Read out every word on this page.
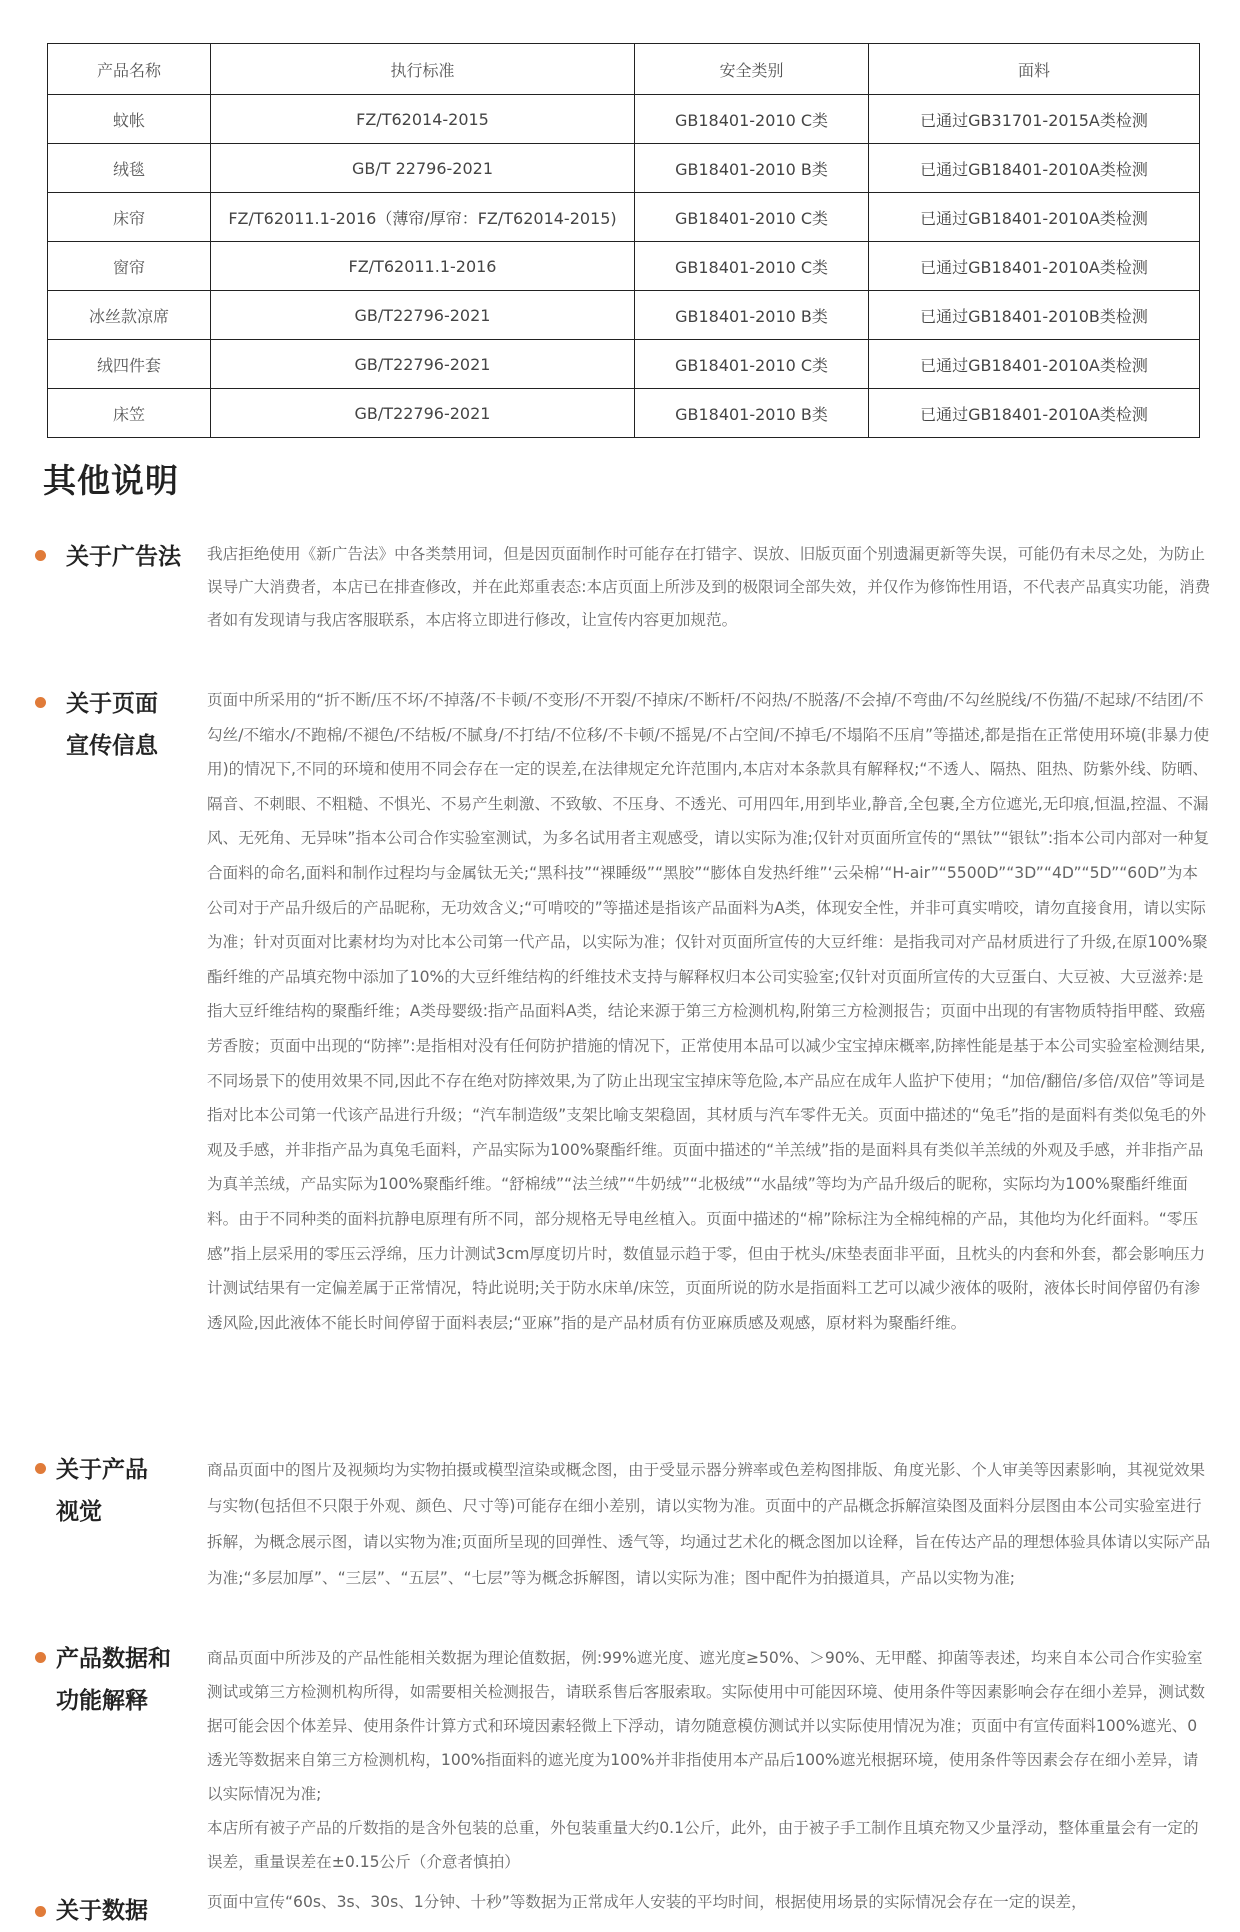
产品名称	执行标准	安全类别	面料
蚊帐	FZ/T62014-2015	GB18401-2010 C类	已通过GB31701-2015A类检测
绒毯	GB/T 22796-2021	GB18401-2010 B类	已通过GB18401-2010A类检测
床帘	FZ/T62011.1-2016（薄帘/厚帘：FZ/T62014-2015)	GB18401-2010 C类	已通过GB18401-2010A类检测
窗帘	FZ/T62011.1-2016	GB18401-2010 C类	已通过GB18401-2010A类检测
冰丝款凉席	GB/T22796-2021	GB18401-2010 B类	已通过GB18401-2010B类检测
绒四件套	GB/T22796-2021	GB18401-2010 C类	已通过GB18401-2010A类检测
床笠	GB/T22796-2021	GB18401-2010 B类	已通过GB18401-2010A类检测
其他说明
关于广告法	我店拒绝使用《新广告法》中各类禁用词，但是因页面制作时可能存在打错字、误放、旧版页面个别遗漏更新等失误，可能仍有未尽之处，为防止误导广大消费者，本店已在排查修改，并在此郑重表态:本店页面上所涉及到的极限词全部失效，并仅作为修饰性用语，不代表产品真实功能，消费者如有发现请与我店客服联系，本店将立即进行修改，让宣传内容更加规范。
关于页面宣传信息
页面中所采用的“折不断/压不坏/不掉落/不卡顿/不变形/不开裂/不掉床/不断杆/不闷热/不脱落/不会掉/不弯曲/不勾丝脱线/不伤猫/不起球/不结团/不勾丝/不缩水/不跑棉/不褪色/不结板/不腻身/不打结/不位移/不卡顿/不摇晃/不占空间/不掉毛/不塌陷不压肩”等描述,都是指在正常使用环境(非暴力使用)的情况下,不同的环境和使用不同会存在一定的误差,在法律规定允许范围内,本店对本条款具有解释权;“不透人、隔热、阻热、防紫外线、防晒、隔音、不刺眼、不粗糙、不惧光、不易产生刺激、不致敏、不压身、不透光、可用四年,用到毕业,静音,全包裹,全方位遮光,无印痕,恒温,控温、不漏风、无死角、无异味”指本公司合作实验室测试，为多名试用者主观感受，请以实际为准;仅针对页面所宣传的“黑钛”“银钛”:指本公司内部对一种复合面料的命名,面料和制作过程均与金属钛无关;“黑科技”“裸睡级”“黑胶”“膨体自发热纤维”‘云朵棉’“H-air”“5500D”“3D”“4D”“5D”“60D”为本公司对于产品升级后的产品昵称，无功效含义;“可啃咬的”等描述是指该产品面料为A类，体现安全性，并非可真实啃咬，请勿直接食用，请以实际为准；针对页面对比素材均为对比本公司第一代产品，以实际为准；仅针对页面所宣传的大豆纤维：是指我司对产品材质进行了升级,在原100%聚酯纤维的产品填充物中添加了10%的大豆纤维结构的纤维技术支持与解释权归本公司实验室;仅针对页面所宣传的大豆蛋白、大豆被、大豆滋养:是指大豆纤维结构的聚酯纤维；A类母婴级:指产品面料A类，结论来源于第三方检测机构,附第三方检测报告；页面中出现的有害物质特指甲醛、致癌芳香胺；页面中出现的“防摔”:是指相对没有任何防护措施的情况下，正常使用本品可以减少宝宝掉床概率,防摔性能是基于本公司实验室检测结果,不同场景下的使用效果不同,因此不存在绝对防摔效果,为了防止出现宝宝掉床等危险,本产品应在成年人监护下使用；“加倍/翻倍/多倍/双倍”等词是指对比本公司第一代该产品进行升级；“汽车制造级”支架比喻支架稳固，其材质与汽车零件无关。页面中描述的“兔毛”指的是面料有类似兔毛的外观及手感，并非指产品为真兔毛面料，产品实际为100%聚酯纤维。页面中描述的“羊羔绒”指的是面料具有类似羊羔绒的外观及手感，并非指产品为真羊羔绒，产品实际为100%聚酯纤维。“舒棉绒”“法兰绒”“牛奶绒”“北极绒”“水晶绒”等均为产品升级后的昵称，实际均为100%聚酯纤维面料。由于不同种类的面料抗静电原理有所不同，部分规格无导电丝植入。页面中描述的“棉”除标注为全棉纯棉的产品，其他均为化纤面料。“零压感”指上层采用的零压云浮绵，压力计测试3cm厚度切片时，数值显示趋于零，但由于枕头/床垫表面非平面，且枕头的内套和外套，都会影响压力计测试结果有一定偏差属于正常情况，特此说明;关于防水床单/床笠，页面所说的防水是指面料工艺可以减少液体的吸附，液体长时间停留仍有渗透风险,因此液体不能长时间停留于面料表层;“亚麻”指的是产品材质有仿亚麻质感及观感，原材料为聚酯纤维。
关于产品视觉
商品页面中的图片及视频均为实物拍摄或模型渲染或概念图，由于受显示器分辨率或色差构图排版、角度光影、个人审美等因素影响，其视觉效果与实物(包括但不只限于外观、颜色、尺寸等)可能存在细小差别，请以实物为准。页面中的产品概念拆解渲染图及面料分层图由本公司实验室进行拆解，为概念展示图，请以实物为准;页面所呈现的回弹性、透气等，均通过艺术化的概念图加以诠释，旨在传达产品的理想体验具体请以实际产品为准;“多层加厚”、“三层”、“五层”、“七层”等为概念拆解图，请以实际为准；图中配件为拍摄道具，产品以实物为准;
产品数据和功能解释
商品页面中所涉及的产品性能相关数据为理论值数据，例:99%遮光度、遮光度≥50%、＞90%、无甲醛、抑菌等表述，均来自本公司合作实验室测试或第三方检测机构所得，如需要相关检测报告，请联系售后客服索取。实际使用中可能因环境、使用条件等因素影响会存在细小差异，测试数据可能会因个体差异、使用条件计算方式和环境因素轻微上下浮动，请勿随意模仿测试并以实际使用情况为准；页面中有宣传面料100%遮光、0透光等数据来自第三方检测机构，100%指面料的遮光度为100%并非指使用本产品后100%遮光根据环境，使用条件等因素会存在细小差异，请以实际情况为准;
本店所有被子产品的斤数指的是含外包装的总重，外包装重量大约0.1公斤，此外，由于被子手工制作且填充物又少量浮动，整体重量会有一定的误差，重量误差在±0.15公斤（介意者慎拍）
关于数据	页面中宣传“60s、3s、30s、1分钟、十秒”等数据为正常成年人安装的平均时间，根据使用场景的实际情况会存在一定的误差，
